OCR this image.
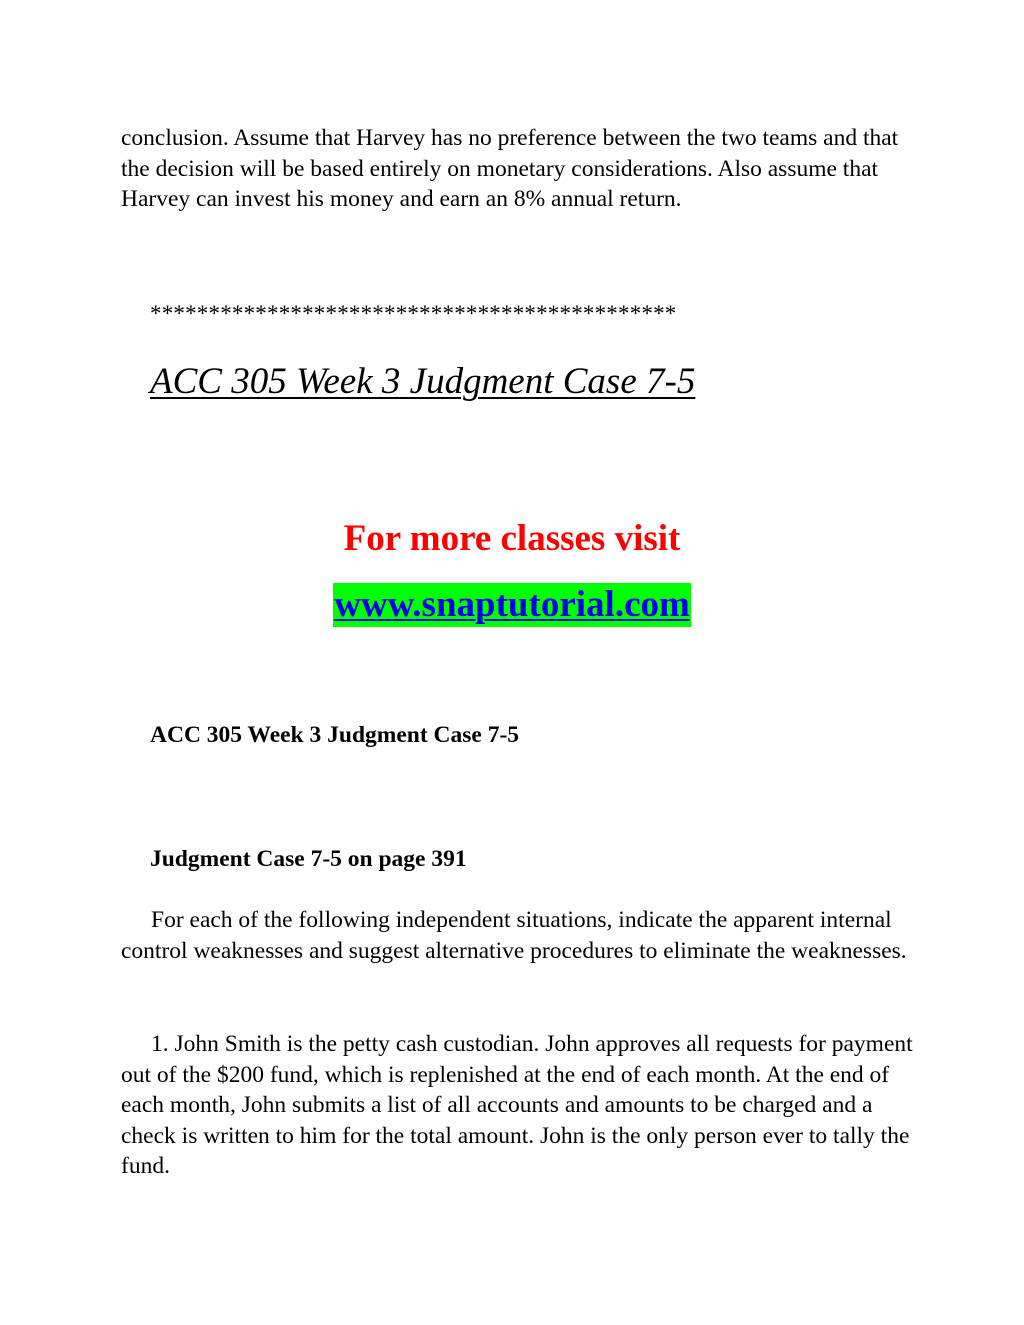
conclusion. Assume that Harvey has no preference between the two teams and that the decision will be based entirely on monetary considerations. Also assume that Harvey can invest his money and earn an 8% annual return.

*********************************************
ACC 305 Week 3 Judgment Case 7-5
For more classes visit
www.snaptutorial.com
ACC 305 Week 3 Judgment Case 7-5
Judgment Case 7-5 on page 391

For each of the following independent situations, indicate the apparent internal control weaknesses and suggest alternative procedures to eliminate the weaknesses.

1. John Smith is the petty cash custodian. John approves all requests for payment out of the $200 fund, which is replenished at the end of each month. At the end of each month, John submits a list of all accounts and amounts to be charged and a check is written to him for the total amount. John is the only person ever to tally the fund.
